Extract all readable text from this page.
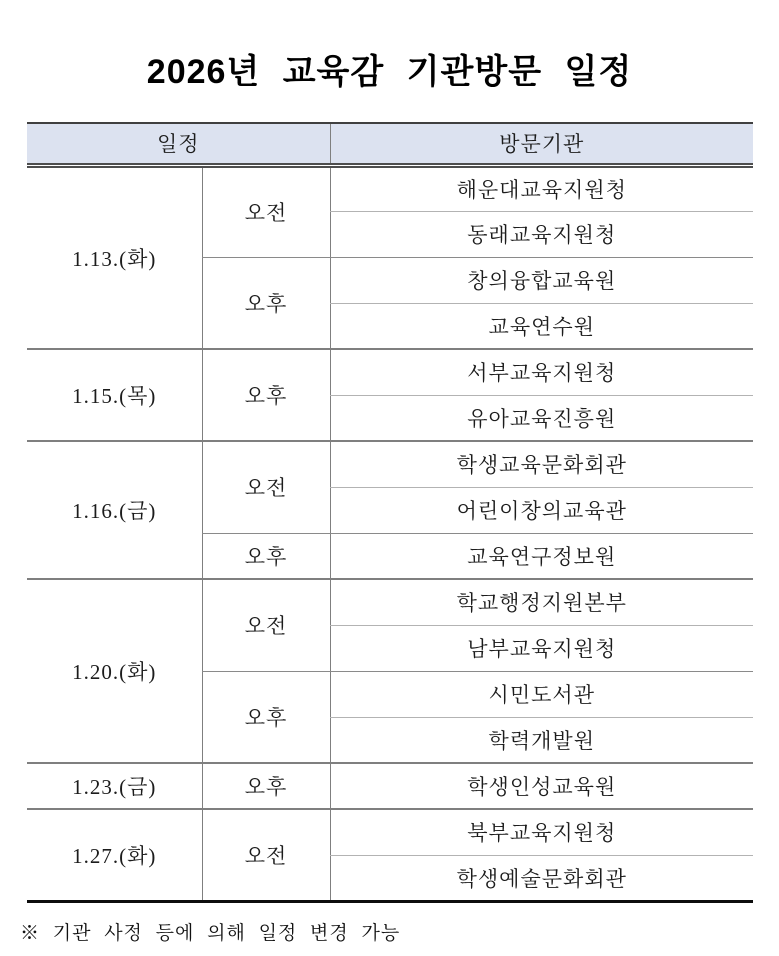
2026년 교육감 기관방문 일정
일정		방문기관
1.13.(화)	오전	해운대교육지원청
		동래교육지원청
	오후	창의융합교육원
		교육연수원
1.15.(목)	오후	서부교육지원청
		유아교육진흥원
1.16.(금)	오전	학생교육문화회관
		어린이창의교육관
	오후	교육연구정보원
1.20.(화)	오전	학교행정지원본부
		남부교육지원청
	오후	시민도서관
		학력개발원
1.23.(금)	오후	학생인성교육원
1.27.(화)	오전	북부교육지원청
		학생예술문화회관

※ 기관 사정 등에 의해 일정 변경 가능
